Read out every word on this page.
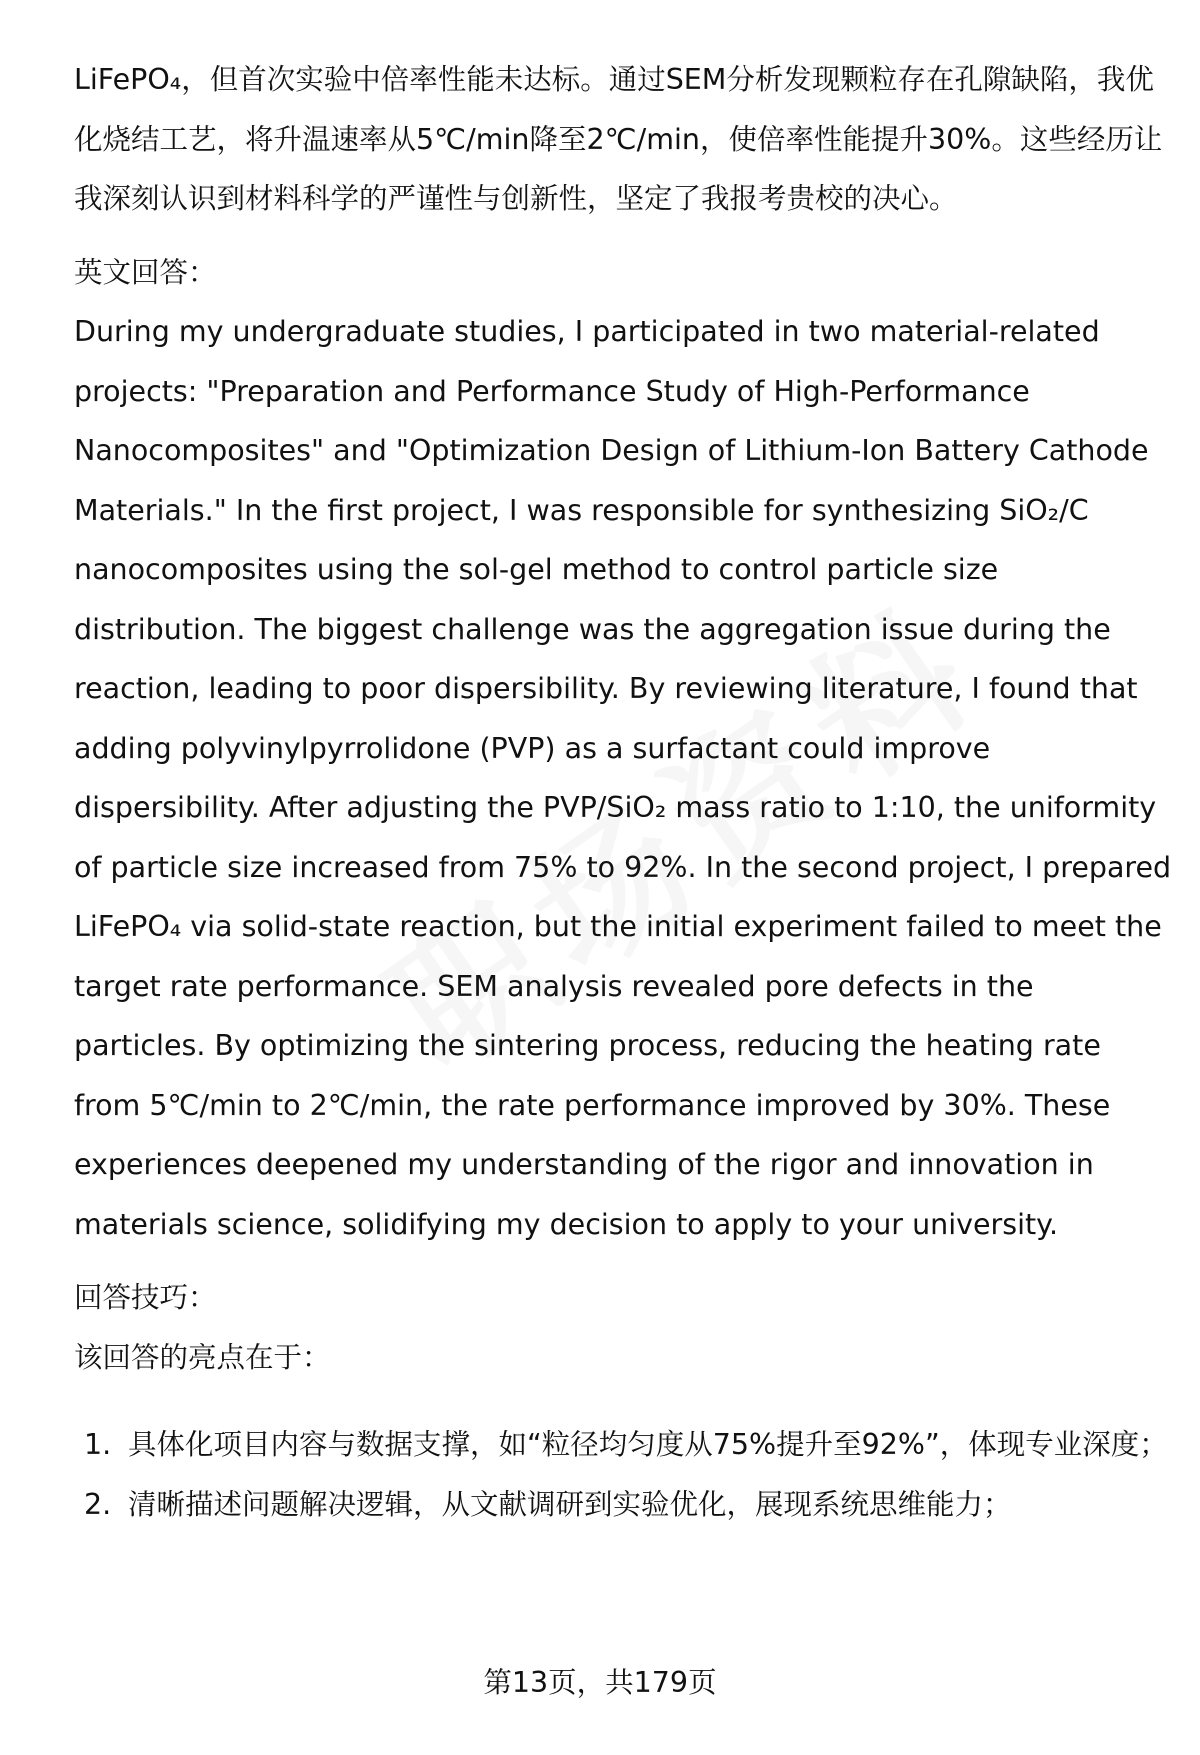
LiFePO₄，但首次实验中倍率性能未达标。通过SEM分析发现颗粒存在孔隙缺陷，我优化烧结工艺，将升温速率从5℃/min降至2℃/min，使倍率性能提升30%。这些经历让我深刻认识到材料科学的严谨性与创新性，坚定了我报考贵校的决心。

英文回答：

During my undergraduate studies, I participated in two material-related projects: "Preparation and Performance Study of High-Performance Nanocomposites" and "Optimization Design of Lithium-Ion Battery Cathode Materials." In the first project, I was responsible for synthesizing SiO₂/C nanocomposites using the sol-gel method to control particle size distribution. The biggest challenge was the aggregation issue during the reaction, leading to poor dispersibility. By reviewing literature, I found that adding polyvinylpyrrolidone (PVP) as a surfactant could improve dispersibility. After adjusting the PVP/SiO₂ mass ratio to 1:10, the uniformity of particle size increased from 75% to 92%. In the second project, I prepared LiFePO₄ via solid-state reaction, but the initial experiment failed to meet the target rate performance. SEM analysis revealed pore defects in the particles. By optimizing the sintering process, reducing the heating rate from 5℃/min to 2℃/min, the rate performance improved by 30%. These experiences deepened my understanding of the rigor and innovation in materials science, solidifying my decision to apply to your university.

回答技巧：

该回答的亮点在于：

1. 具体化项目内容与数据支撑，如“粒径均匀度从75%提升至92%”，体现专业深度；
2. 清晰描述问题解决逻辑，从文献调研到实验优化，展现系统思维能力；
第13页，共179页
